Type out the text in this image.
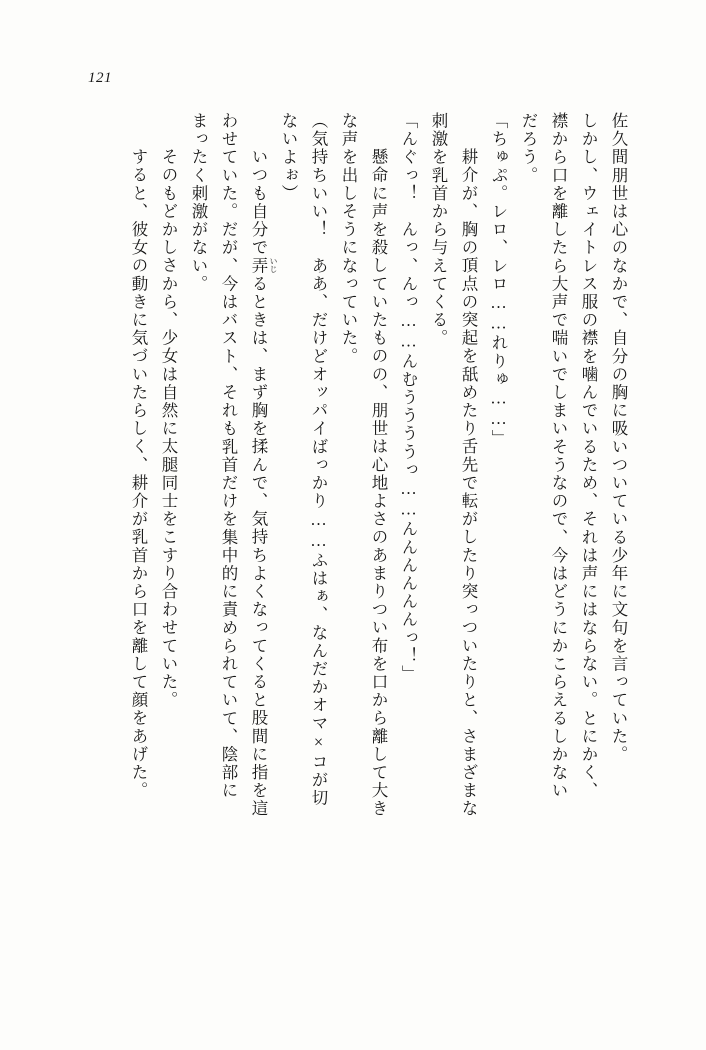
121
佐久間朋世は心のなかで、自分の胸に吸いついている少年に文句を言っていた。
しかし、ウェイトレス服の襟を噛んでいるため、それは声にはならない。とにかく、
襟から口を離したら大声で喘いでしまいそうなので、今はどうにかこらえるしかない
だろう。
「ちゅぷ。レロ、レロ……れりゅ……」
　耕介が、胸の頂点の突起を舐めたり舌先で転がしたり突っついたりと、さまざまな
刺激を乳首から与えてくる。
「んぐっ！　んっ、んっ……んむううううっ……んんんんんんっ！」
　懸命に声を殺していたものの、朋世は心地よさのあまりつい布を口から離して大き
な声を出しそうになっていた。
（気持ちいい！　ああ、だけどオッパイばっかり……ふはぁ、なんだかオマ×コが切
ないよぉ）
　いつも自分で弄 いじ
るときは、まず胸を揉んで、気持ちよくなってくると股間に指を這
わせていた。だが、今はバスト、それも乳首だけを集中的に責められていて、陰部に
まったく刺激がない。
　そのもどかしさから、少女は自然に太腿同士をこすり合わせていた。
　すると、彼女の動きに気づいたらしく、耕介が乳首から口を離して顔をあげた。
